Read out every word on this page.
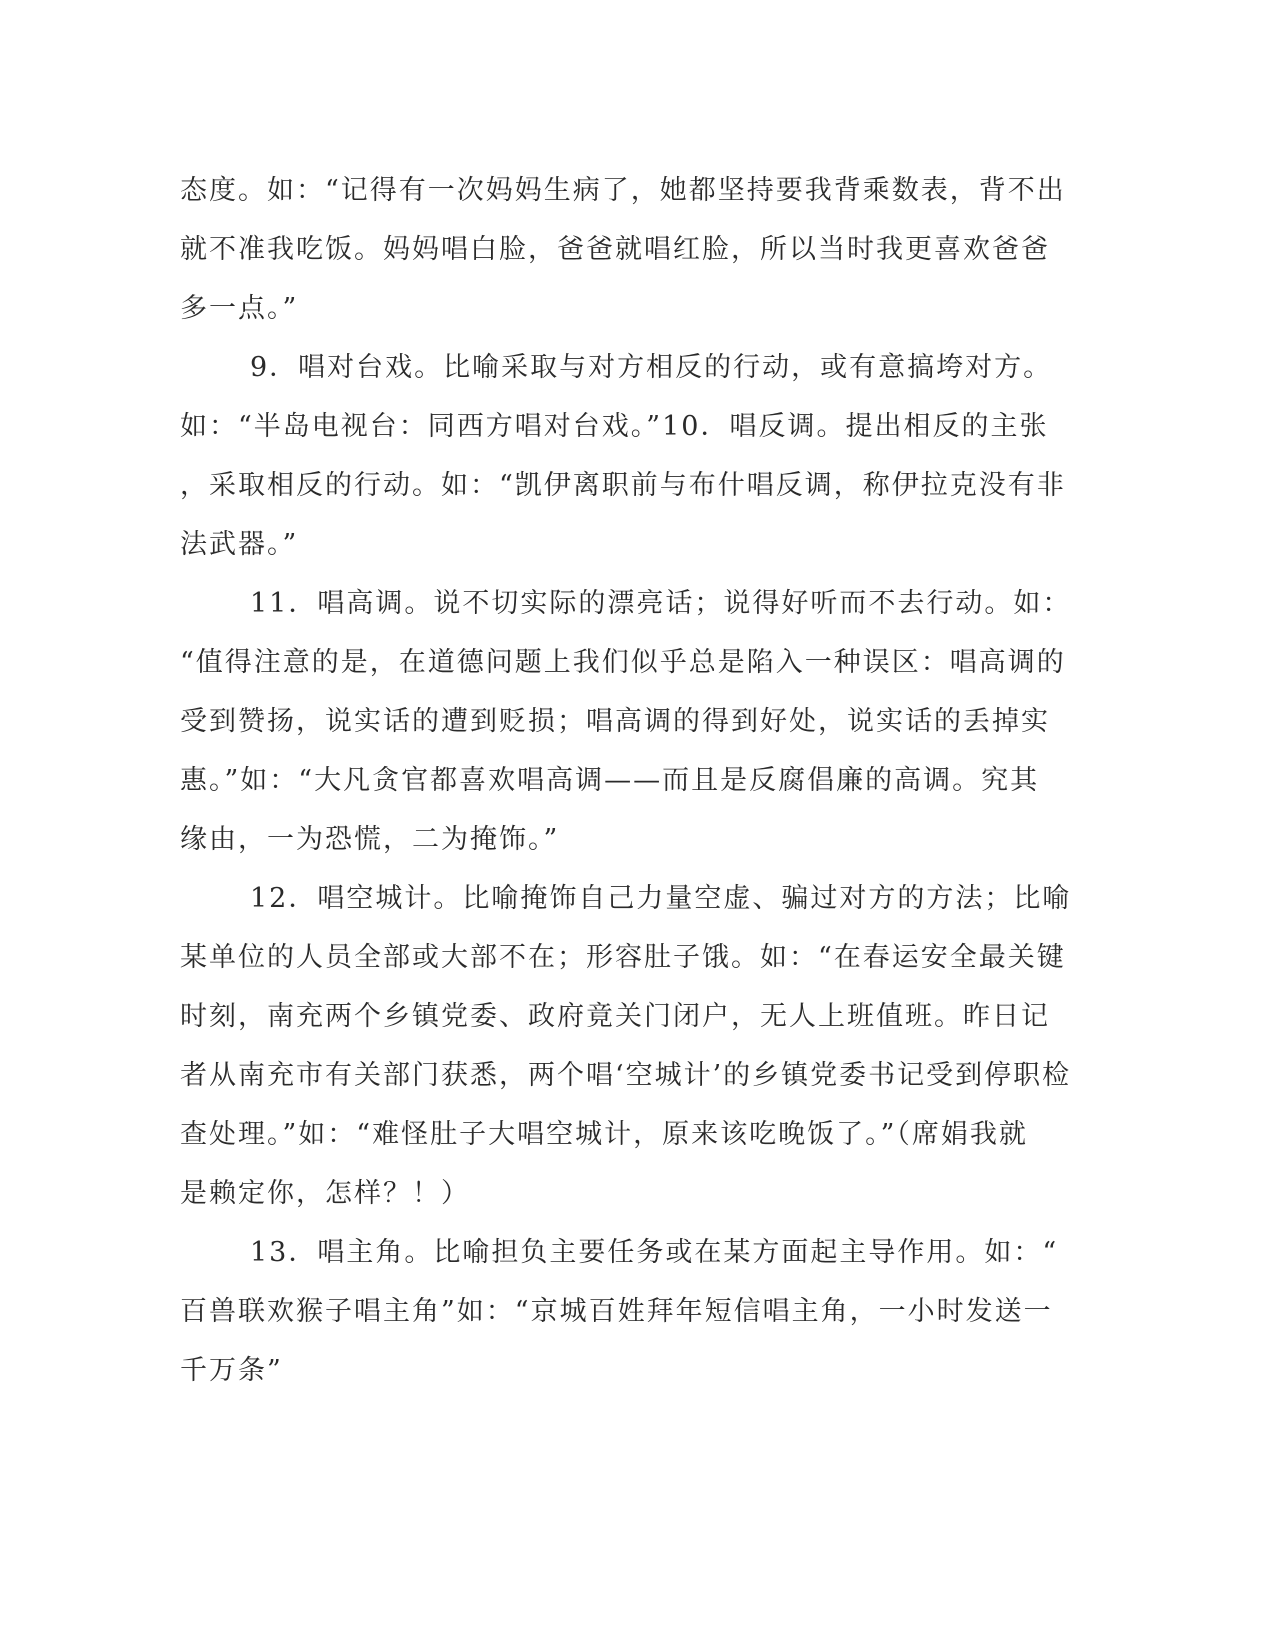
态度。如：“记得有一次妈妈生病了，她都坚持要我背乘数表，背不出
就不准我吃饭。妈妈唱白脸，爸爸就唱红脸，所以当时我更喜欢爸爸
多一点。”
9．唱对台戏。比喻采取与对方相反的行动，或有意搞垮对方。
如：“半岛电视台：同西方唱对台戏。”10．唱反调。提出相反的主张
，采取相反的行动。如：“凯伊离职前与布什唱反调，称伊拉克没有非
法武器。”
11．唱高调。说不切实际的漂亮话；说得好听而不去行动。如：
“值得注意的是，在道德问题上我们似乎总是陷入一种误区：唱高调的
受到赞扬，说实话的遭到贬损；唱高调的得到好处，说实话的丢掉实
惠。”如：“大凡贪官都喜欢唱高调——而且是反腐倡廉的高调。究其
缘由，一为恐慌，二为掩饰。”
12．唱空城计。比喻掩饰自己力量空虚、骗过对方的方法；比喻
某单位的人员全部或大部不在；形容肚子饿。如：“在春运安全最关键
时刻，南充两个乡镇党委、政府竟关门闭户，无人上班值班。昨日记
者从南充市有关部门获悉，两个唱‘空城计’的乡镇党委书记受到停职检
查处理。”如：“难怪肚子大唱空城计，原来该吃晚饭了。”（席娟我就
是赖定你，怎样？！）
13．唱主角。比喻担负主要任务或在某方面起主导作用。如：“
百兽联欢猴子唱主角”如：“京城百姓拜年短信唱主角，一小时发送一
千万条”
